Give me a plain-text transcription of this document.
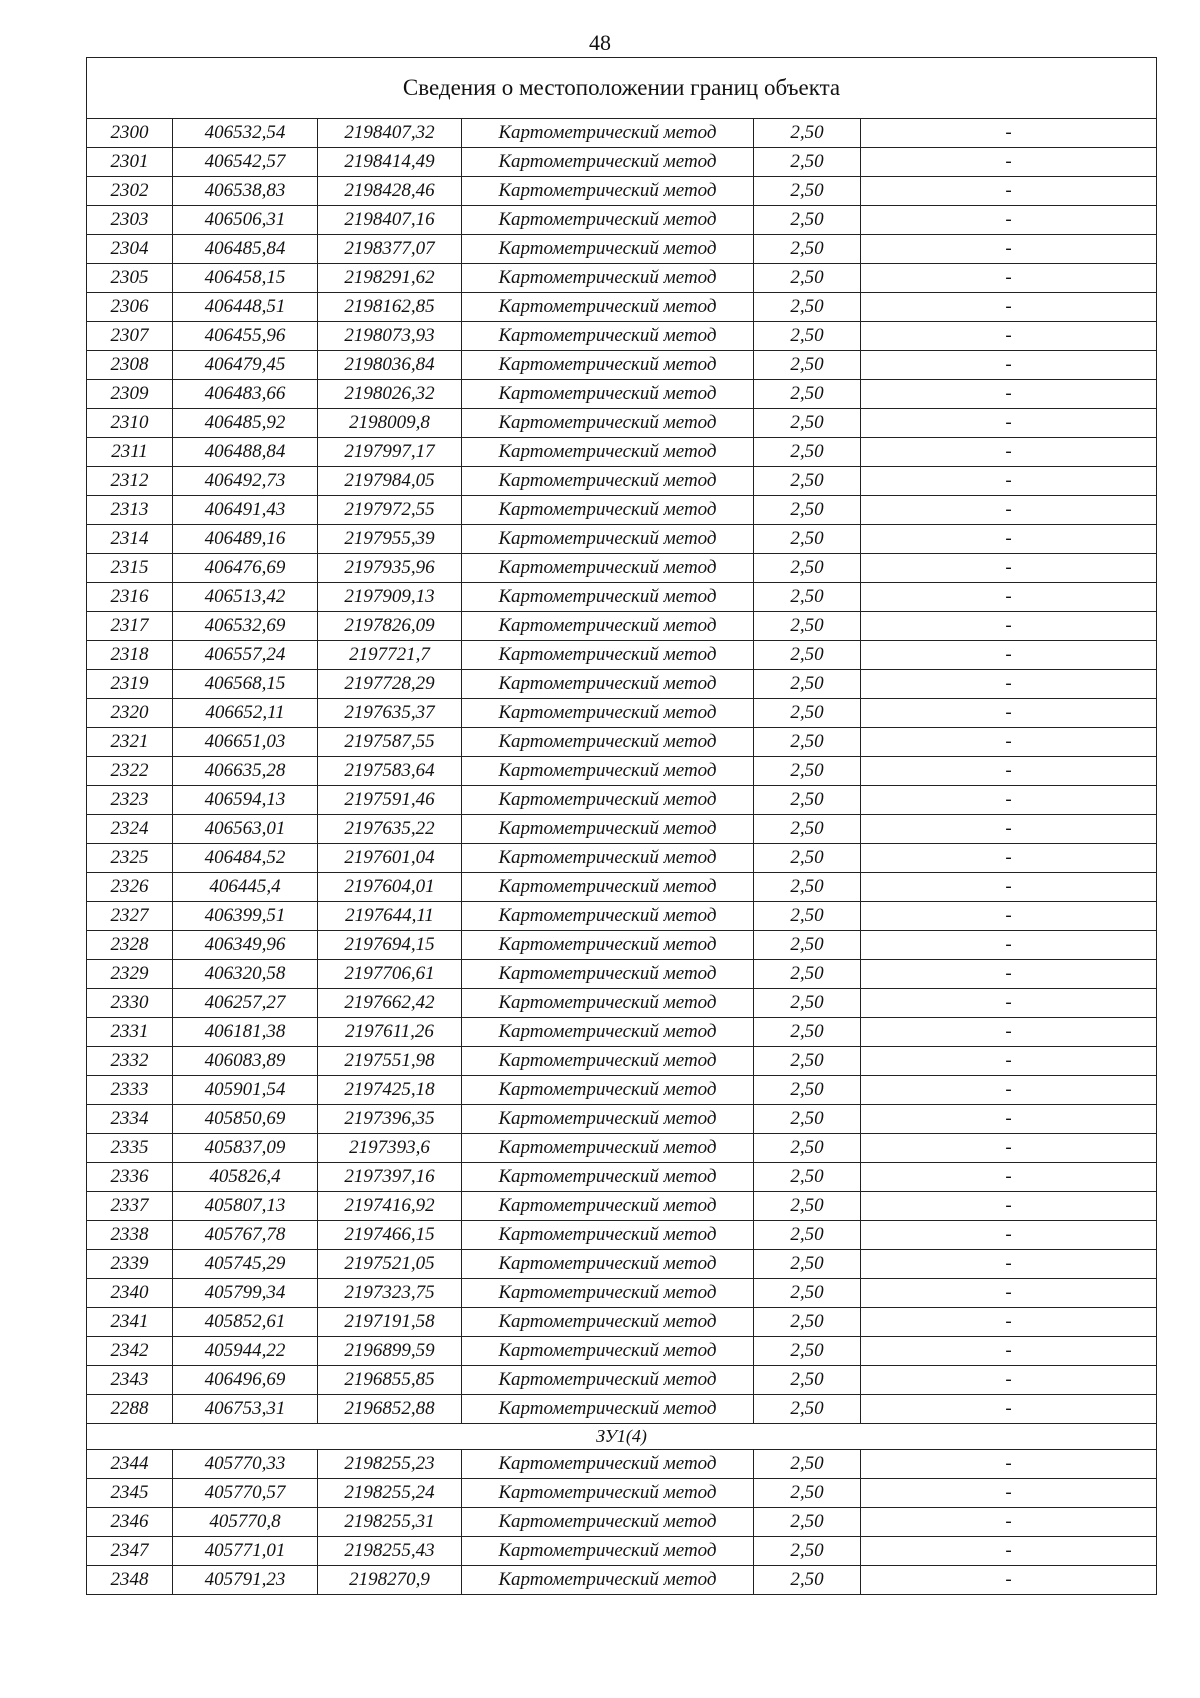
48
Сведения о местоположении границ объекта					
2300	406532,54	2198407,32	Картометрический метод	2,50	-
2301	406542,57	2198414,49	Картометрический метод	2,50	-
2302	406538,83	2198428,46	Картометрический метод	2,50	-
2303	406506,31	2198407,16	Картометрический метод	2,50	-
2304	406485,84	2198377,07	Картометрический метод	2,50	-
2305	406458,15	2198291,62	Картометрический метод	2,50	-
2306	406448,51	2198162,85	Картометрический метод	2,50	-
2307	406455,96	2198073,93	Картометрический метод	2,50	-
2308	406479,45	2198036,84	Картометрический метод	2,50	-
2309	406483,66	2198026,32	Картометрический метод	2,50	-
2310	406485,92	2198009,8	Картометрический метод	2,50	-
2311	406488,84	2197997,17	Картометрический метод	2,50	-
2312	406492,73	2197984,05	Картометрический метод	2,50	-
2313	406491,43	2197972,55	Картометрический метод	2,50	-
2314	406489,16	2197955,39	Картометрический метод	2,50	-
2315	406476,69	2197935,96	Картометрический метод	2,50	-
2316	406513,42	2197909,13	Картометрический метод	2,50	-
2317	406532,69	2197826,09	Картометрический метод	2,50	-
2318	406557,24	2197721,7	Картометрический метод	2,50	-
2319	406568,15	2197728,29	Картометрический метод	2,50	-
2320	406652,11	2197635,37	Картометрический метод	2,50	-
2321	406651,03	2197587,55	Картометрический метод	2,50	-
2322	406635,28	2197583,64	Картометрический метод	2,50	-
2323	406594,13	2197591,46	Картометрический метод	2,50	-
2324	406563,01	2197635,22	Картометрический метод	2,50	-
2325	406484,52	2197601,04	Картометрический метод	2,50	-
2326	406445,4	2197604,01	Картометрический метод	2,50	-
2327	406399,51	2197644,11	Картометрический метод	2,50	-
2328	406349,96	2197694,15	Картометрический метод	2,50	-
2329	406320,58	2197706,61	Картометрический метод	2,50	-
2330	406257,27	2197662,42	Картометрический метод	2,50	-
2331	406181,38	2197611,26	Картометрический метод	2,50	-
2332	406083,89	2197551,98	Картометрический метод	2,50	-
2333	405901,54	2197425,18	Картометрический метод	2,50	-
2334	405850,69	2197396,35	Картометрический метод	2,50	-
2335	405837,09	2197393,6	Картометрический метод	2,50	-
2336	405826,4	2197397,16	Картометрический метод	2,50	-
2337	405807,13	2197416,92	Картометрический метод	2,50	-
2338	405767,78	2197466,15	Картометрический метод	2,50	-
2339	405745,29	2197521,05	Картометрический метод	2,50	-
2340	405799,34	2197323,75	Картометрический метод	2,50	-
2341	405852,61	2197191,58	Картометрический метод	2,50	-
2342	405944,22	2196899,59	Картометрический метод	2,50	-
2343	406496,69	2196855,85	Картометрический метод	2,50	-
2288	406753,31	2196852,88	Картометрический метод	2,50	-
ЗУ1(4)					
2344	405770,33	2198255,23	Картометрический метод	2,50	-
2345	405770,57	2198255,24	Картометрический метод	2,50	-
2346	405770,8	2198255,31	Картометрический метод	2,50	-
2347	405771,01	2198255,43	Картометрический метод	2,50	-
2348	405791,23	2198270,9	Картометрический метод	2,50	-
